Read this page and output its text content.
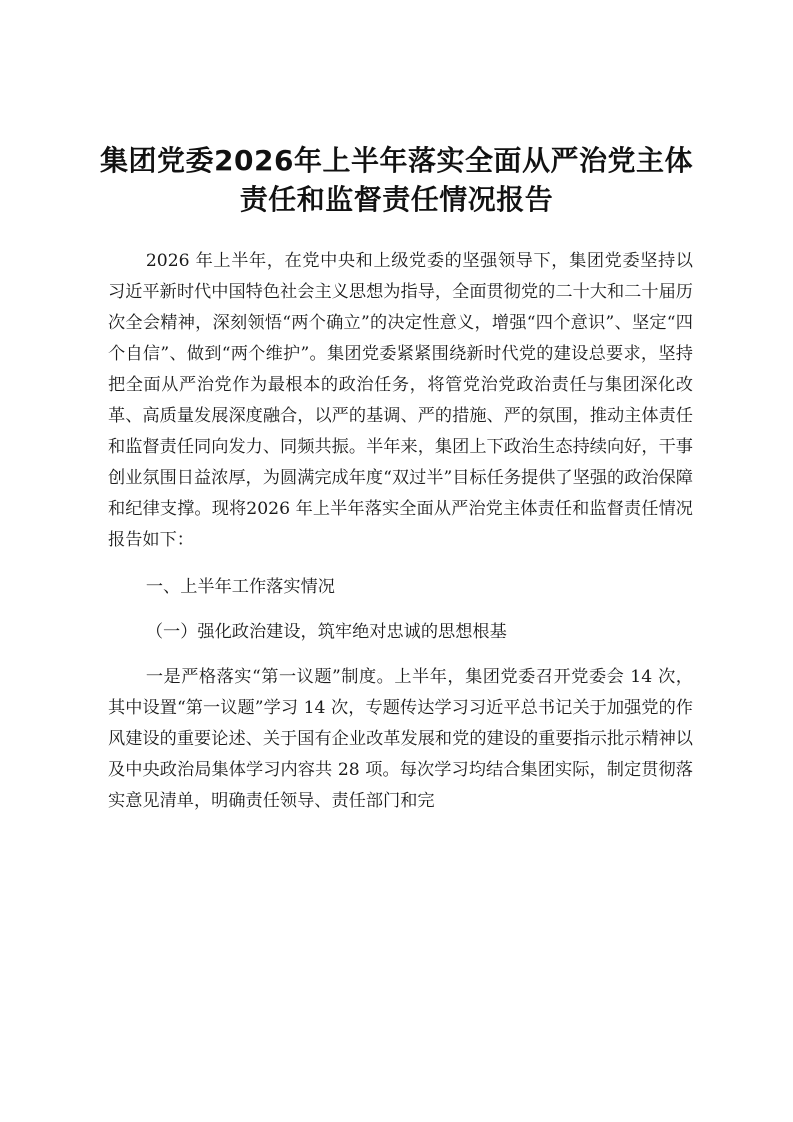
集团党委2026年上半年落实全面从严治党主体责任和监督责任情况报告

2026 年上半年，在党中央和上级党委的坚强领导下，集团党委坚持以习近平新时代中国特色社会主义思想为指导，全面贯彻党的二十大和二十届历次全会精神，深刻领悟“两个确立”的决定性意义，增强“四个意识”、坚定“四个自信”、做到“两个维护”。集团党委紧紧围绕新时代党的建设总要求，坚持把全面从严治党作为最根本的政治任务，将管党治党政治责任与集团深化改革、高质量发展深度融合，以严的基调、严的措施、严的氛围，推动主体责任和监督责任同向发力、同频共振。半年来，集团上下政治生态持续向好，干事创业氛围日益浓厚，为圆满完成年度“双过半”目标任务提供了坚强的政治保障和纪律支撑。现将2026 年上半年落实全面从严治党主体责任和监督责任情况报告如下：

一、上半年工作落实情况

（一）强化政治建设，筑牢绝对忠诚的思想根基

一是严格落实“第一议题”制度。上半年，集团党委召开党委会 14 次，其中设置“第一议题”学习 14 次，专题传达学习习近平总书记关于加强党的作风建设的重要论述、关于国有企业改革发展和党的建设的重要指示批示精神以及中央政治局集体学习内容共 28 项。每次学习均结合集团实际，制定贯彻落实意见清单，明确责任领导、责任部门和完
